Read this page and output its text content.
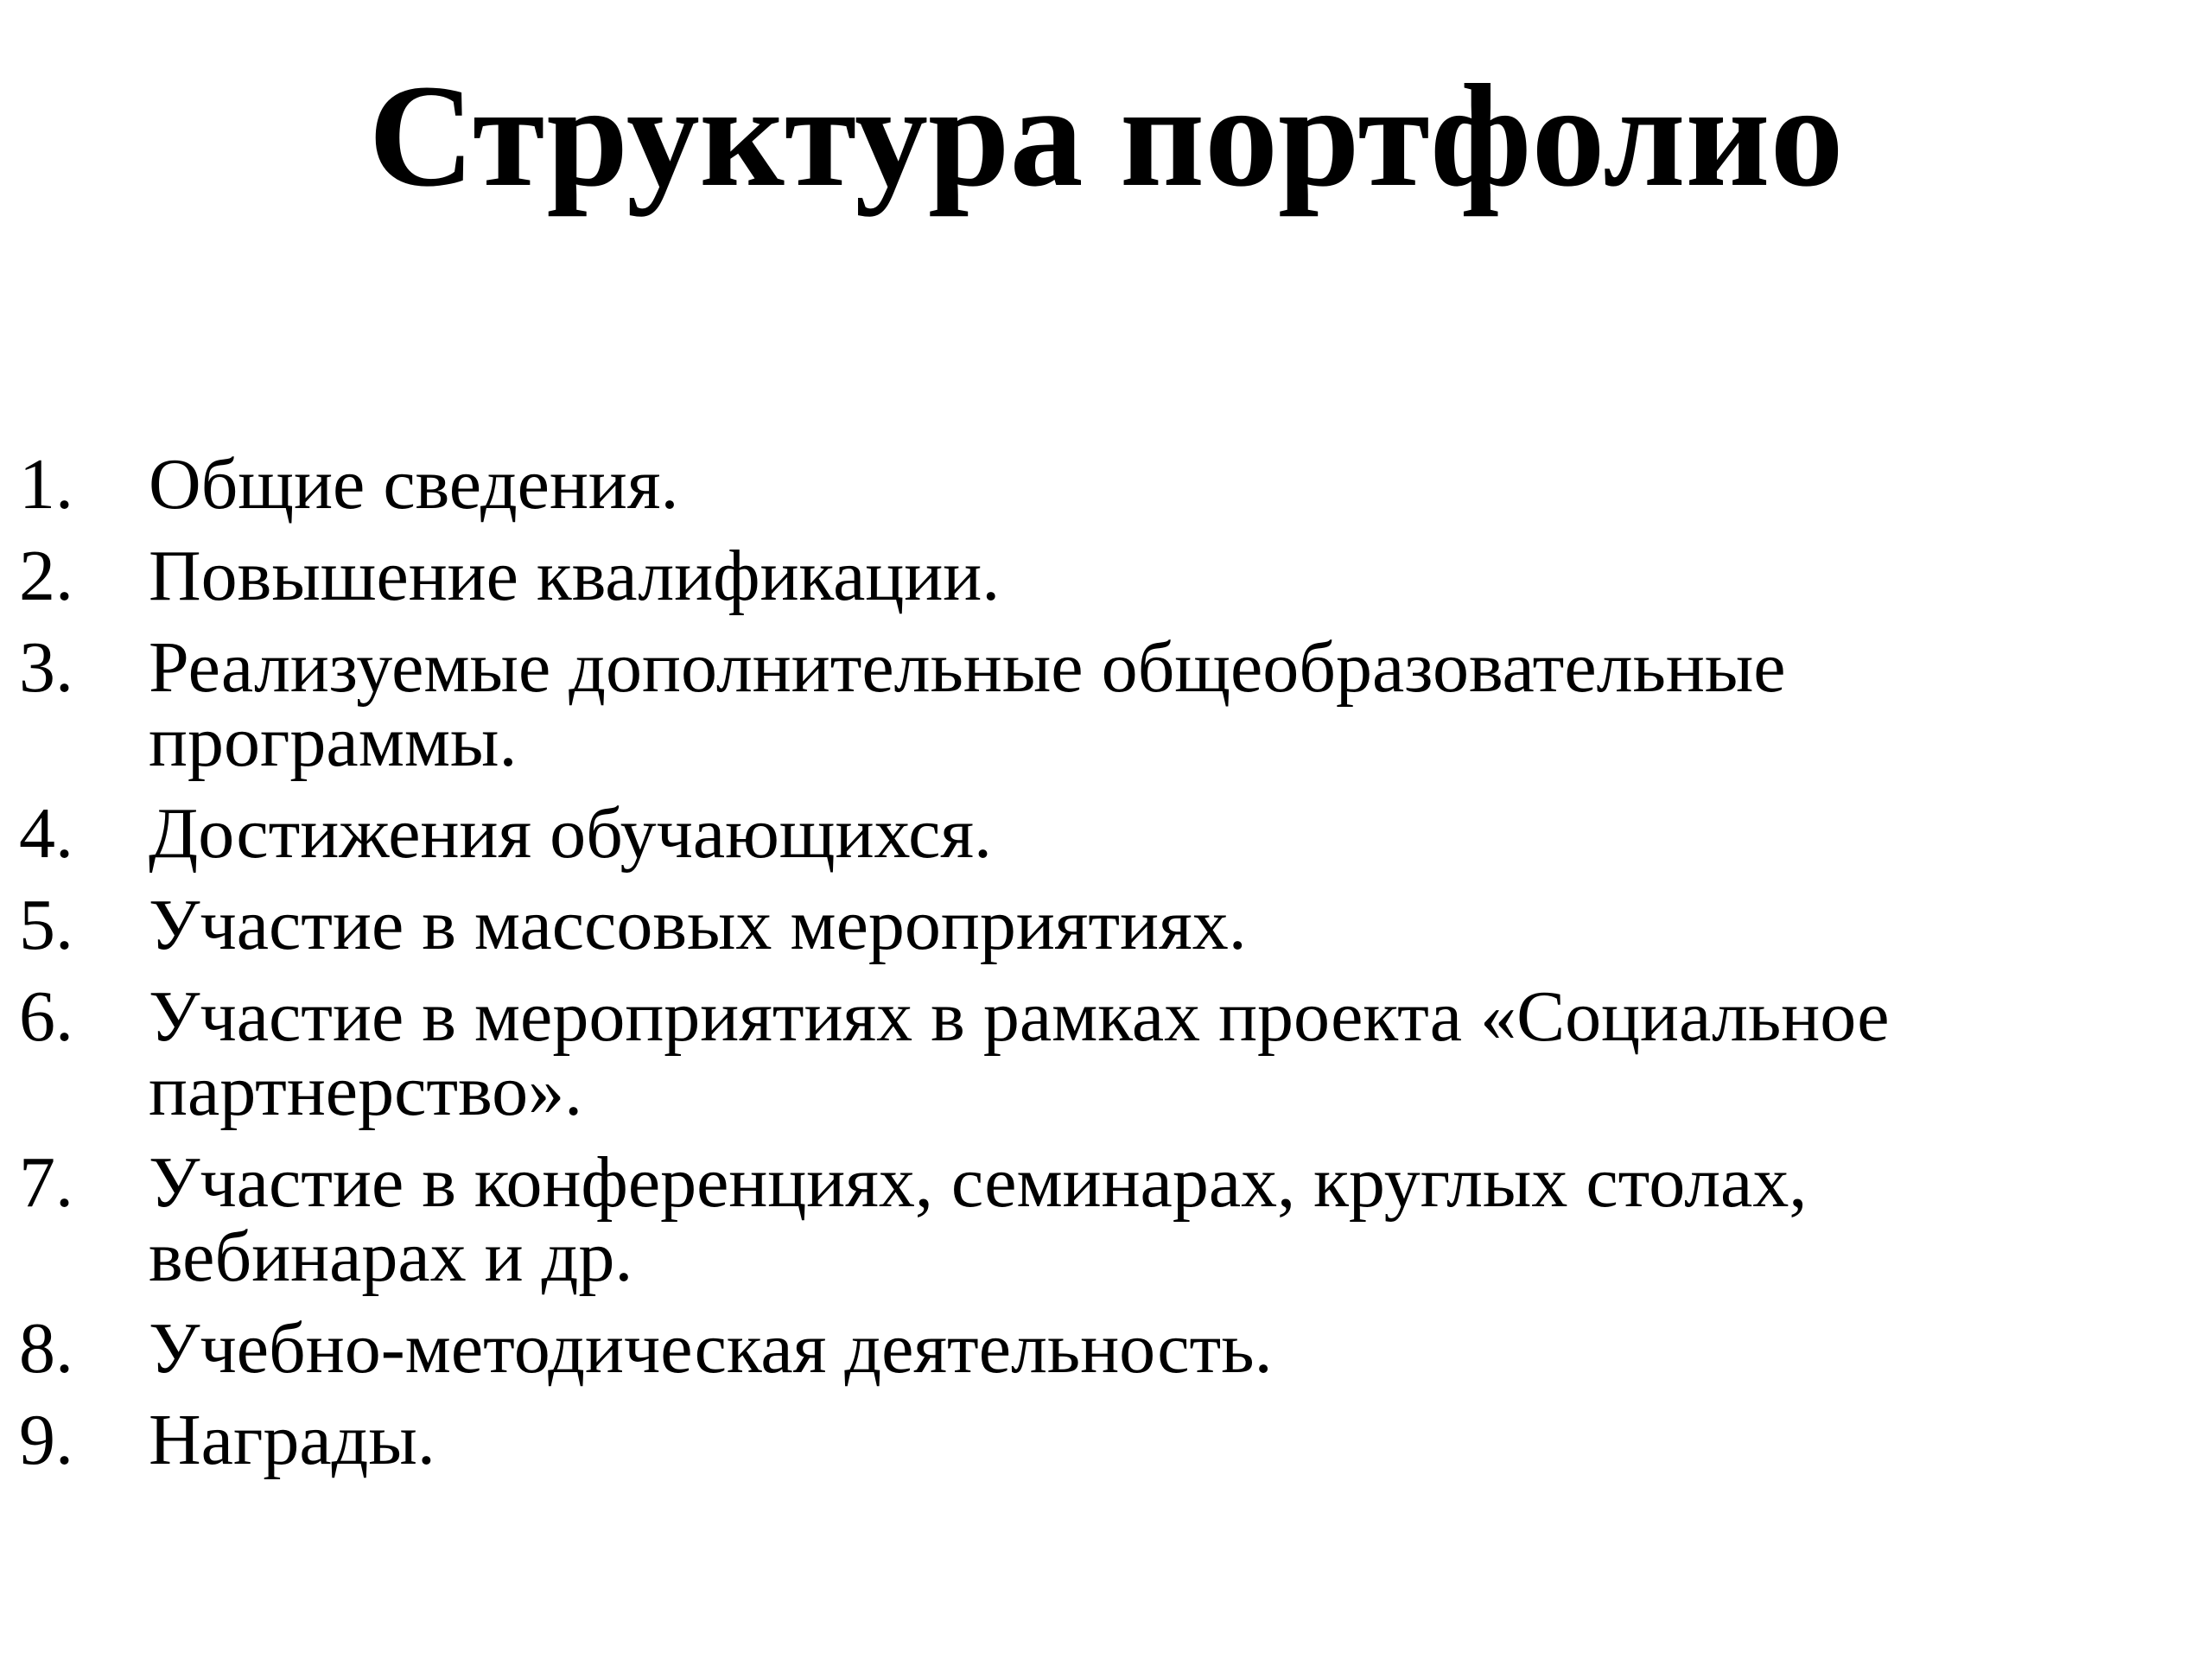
Структура портфолио
1.	Общие сведения.
2.	Повышение квалификации.
3.	Реализуемые дополнительные общеобразовательные программы.
4.	Достижения обучающихся.
5.	Участие в массовых мероприятиях.
6.	Участие в мероприятиях в рамках проекта «Социальное партнерство».
7.	Участие в конференциях, семинарах, круглых столах, вебинарах и др.
8.	Учебно-методическая деятельность.
9.	Награды.
